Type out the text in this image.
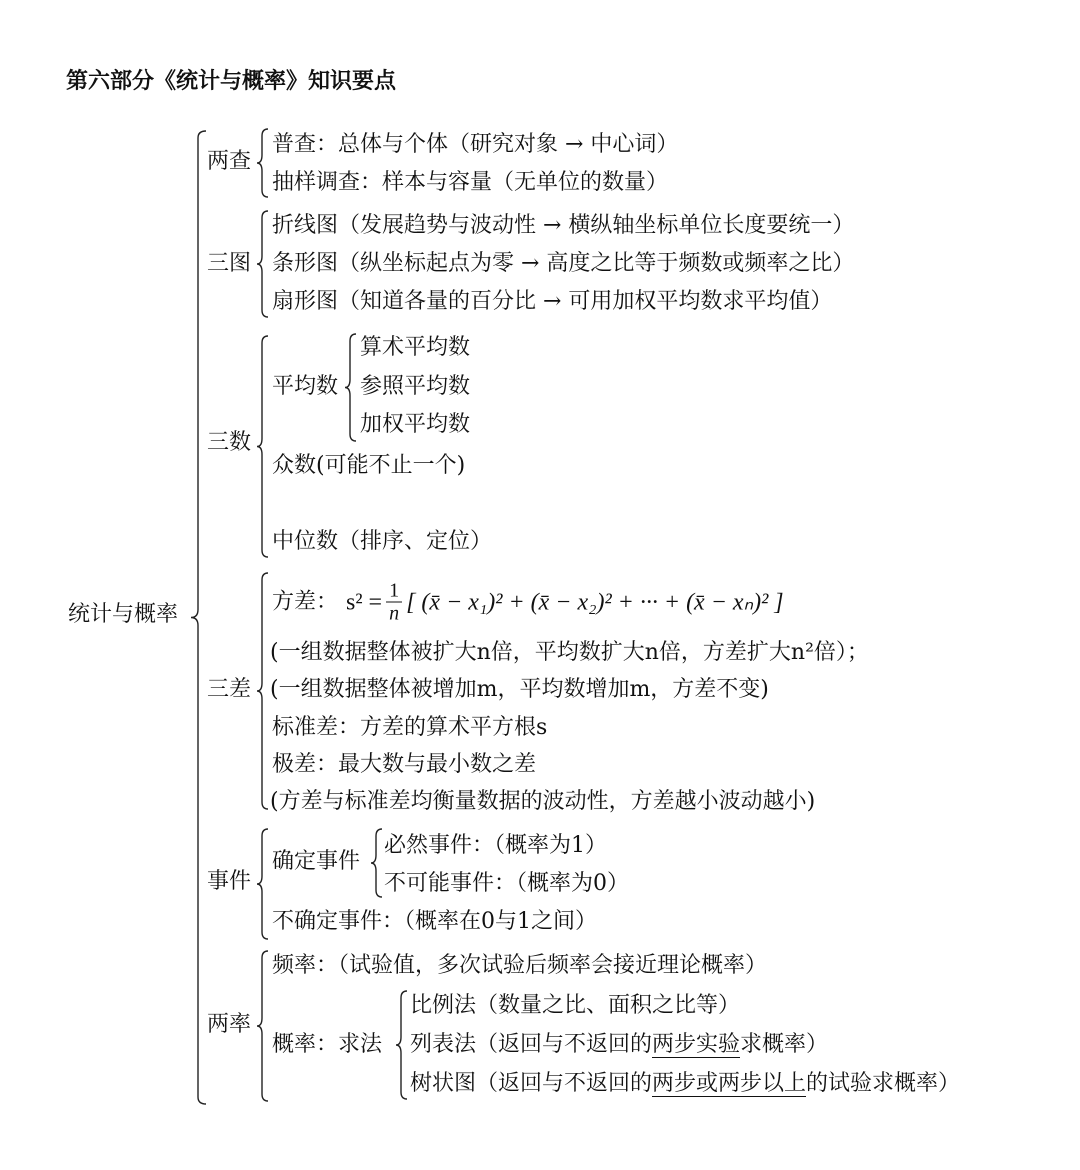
第六部分《统计与概率》知识要点
统计与概率
两查
普查：总体与个体（研究对象 → 中心词）
抽样调查：样本与容量（无单位的数量）
三图
折线图（发展趋势与波动性 → 横纵轴坐标单位长度要统一）
条形图（纵坐标起点为零 → 高度之比等于频数或频率之比）
扇形图（知道各量的百分比 → 可用加权平均数求平均值）
三数
平均数
算术平均数
参照平均数
加权平均数
众数(可能不止一个)
中位数（排序、定位）
三差
方差： $s^2 = \frac{1}{n}$ [ (x̄ − x₁)² + (x̄ − x₂)² + ··· + (x̄ − xₙ)² ]
(一组数据整体被扩大n倍，平均数扩大n倍，方差扩大n²倍）；
(一组数据整体被增加m，平均数增加m，方差不变)
标准差：方差的算术平方根s
极差：最大数与最小数之差
(方差与标准差均衡量数据的波动性，方差越小波动越小)
事件
确定事件
必然事件：（概率为1）
不可能事件：（概率为0）
不确定事件：（概率在0与1之间）
两率
频率：（试验值，多次试验后频率会接近理论概率）
概率：求法
比例法（数量之比、面积之比等）
列表法（返回与不返回的两步实验求概率）
树状图（返回与不返回的两步或两步以上的试验求概率）
